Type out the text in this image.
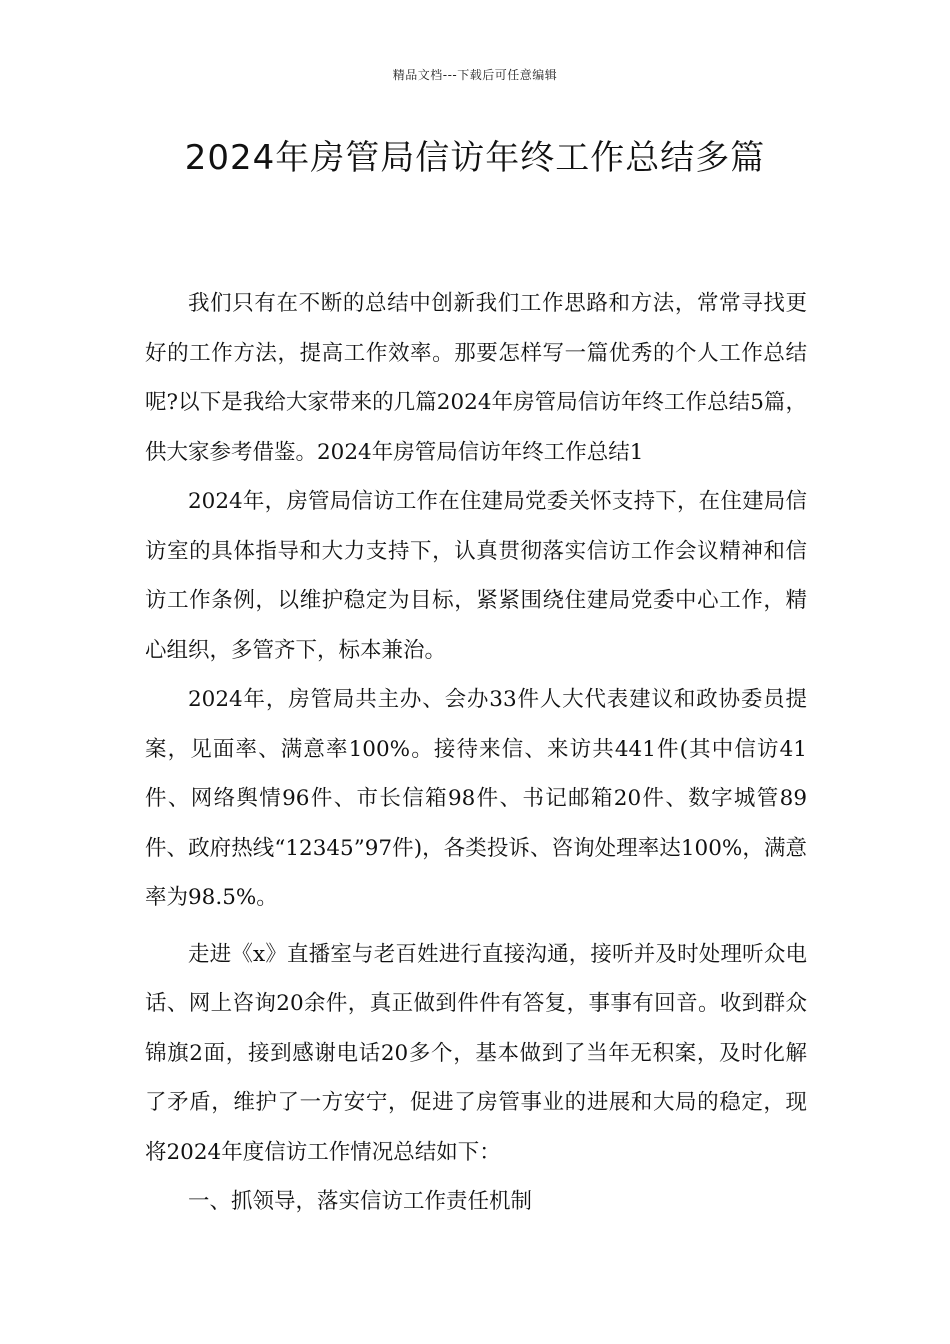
精品文档---下载后可任意编辑
2024年房管局信访年终工作总结多篇

我们只有在不断的总结中创新我们工作思路和方法，常常寻找更好的工作方法，提高工作效率。那要怎样写一篇优秀的个人工作总结呢?以下是我给大家带来的几篇2024年房管局信访年终工作总结5篇，供大家参考借鉴。2024年房管局信访年终工作总结1

2024年，房管局信访工作在住建局党委关怀支持下，在住建局信访室的具体指导和大力支持下，认真贯彻落实信访工作会议精神和信访工作条例，以维护稳定为目标，紧紧围绕住建局党委中心工作，精心组织，多管齐下，标本兼治。

2024年，房管局共主办、会办33件人大代表建议和政协委员提案，见面率、满意率100%。接待来信、来访共441件(其中信访41件、网络舆情96件、市长信箱98件、书记邮箱20件、数字城管89件、政府热线“12345”97件)，各类投诉、咨询处理率达100%，满意率为98.5%。

走进《x》直播室与老百姓进行直接沟通，接听并及时处理听众电话、网上咨询20余件，真正做到件件有答复，事事有回音。收到群众锦旗2面，接到感谢电话20多个，基本做到了当年无积案，及时化解了矛盾，维护了一方安宁，促进了房管事业的进展和大局的稳定，现将2024年度信访工作情况总结如下：

一、抓领导，落实信访工作责任机制
